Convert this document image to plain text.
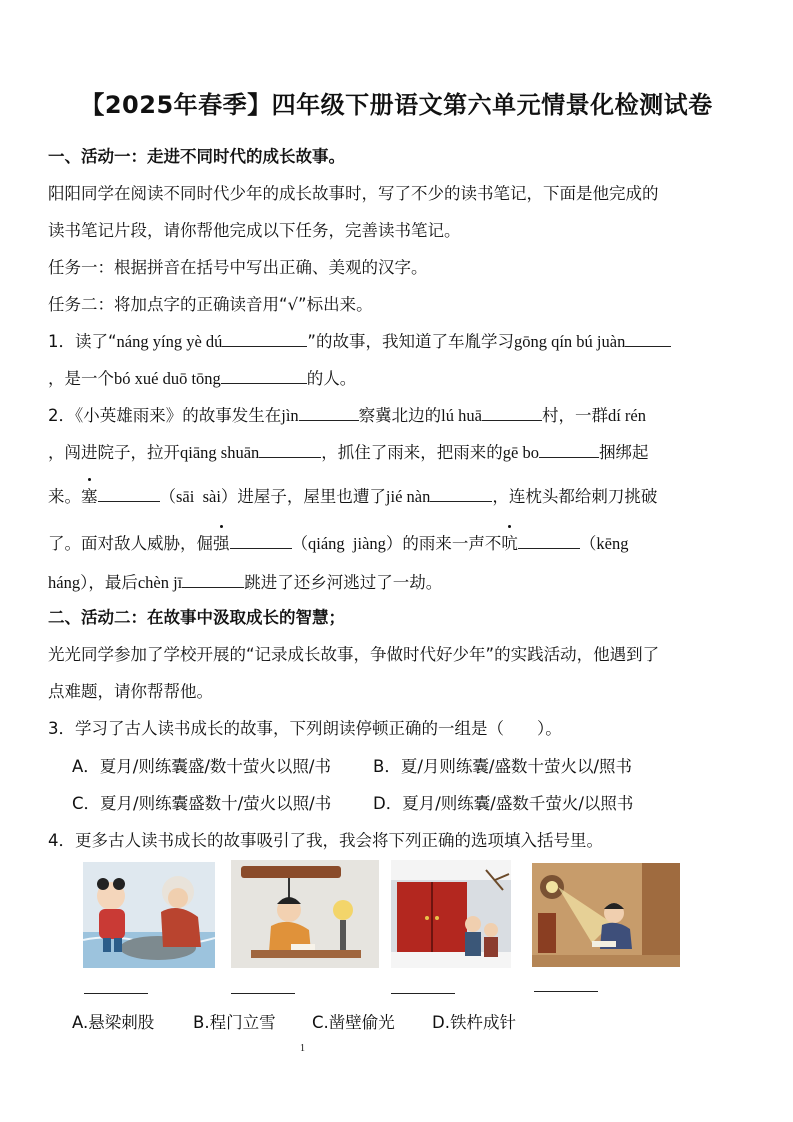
【2025年春季】四年级下册语文第六单元情景化检测试卷
一、活动一：走进不同时代的成长故事。
阳阳同学在阅读不同时代少年的成长故事时，写了不少的读书笔记，下面是他完成的
读书笔记片段，请你帮他完成以下任务，完善读书笔记。
任务一：根据拼音在括号中写出正确、美观的汉字。
任务二：将加点字的正确读音用“√”标出来。
1．读了“náng yíng yè dú	”的故事，我知道了车胤学习gōng qín bú juàn
，是一个bó xué duō tōng	的人。
2．《小英雄雨来》的故事发生在jìn	察冀北边的lú huā	村，一群dí rén
，闯进院子，拉开qiāng shuān	，抓住了雨来，把雨来的gē bo	捆绑起
来。塞	（sāi  sài）进屋子，屋里也遭了jié nàn	，连枕头都给刺刀挑破
了。面对敌人威胁，倔强	（qiáng  jiàng）的雨来一声不吭	（kēng
háng），最后chèn jī	跳进了还乡河逃过了一劫。
二、活动二：在故事中汲取成长的智慧；
光光同学参加了学校开展的“记录成长故事，争做时代好少年”的实践活动，他遇到了
点难题，请你帮帮他。
3．学习了古人读书成长的故事，下列朗读停顿正确的一组是（　　）。
A．夏月/则练囊盛/数十萤火以照/书	B．夏/月则练囊/盛数十萤火以/照书
C．夏月/则练囊盛数十/萤火以照/书	D．夏月/则练囊/盛数千萤火/以照书
4．更多古人读书成长的故事吸引了我，我会将下列正确的选项填入括号里。
A.悬梁刺股 B.程门立雪 C.凿壁偷光 D.铁杵成针
1
